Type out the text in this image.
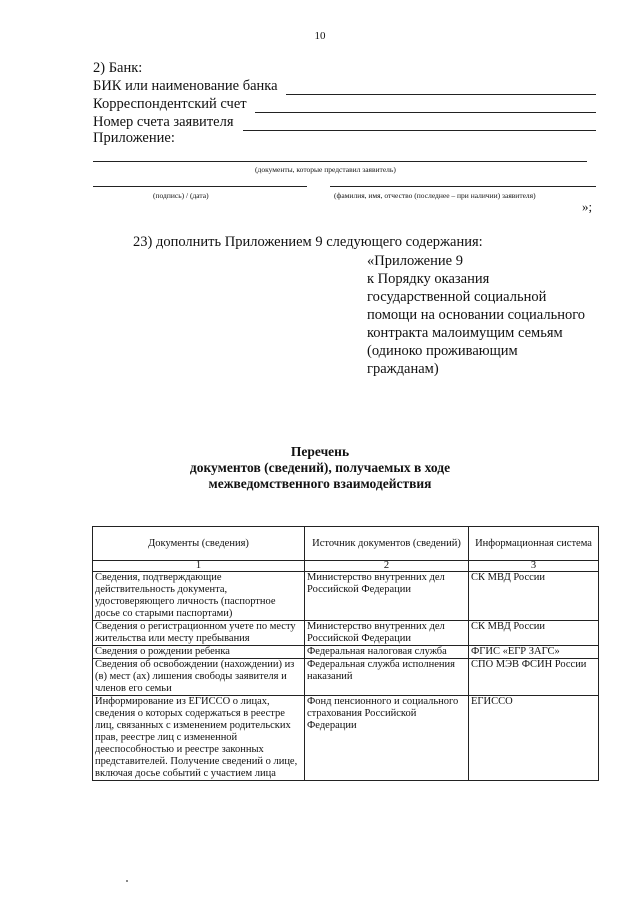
10
2) Банк:
БИК или наименование банка
Корреспондентский счет
Номер счета заявителя
Приложение:
(документы, которые представил заявитель)
(подпись) / (дата)	(фамилия, имя, отчество (последнее – при наличии) заявителя)
»;
23) дополнить Приложением 9 следующего содержания:
«Приложение 9
к Порядку оказания
государственной социальной
помощи на основании социального
контракта малоимущим семьям
(одиноко проживающим
гражданам)
Перечень
документов (сведений), получаемых в ходе
межведомственного взаимодействия
Документы (сведения)	Источник документов (сведений)	Информационная система
1	2	3
Сведения, подтверждающие действительность документа, удостоверяющего личность (паспортное досье со старыми паспортами)	Министерство внутренних дел Российской Федерации	СК МВД России
Сведения о регистрационном учете по месту жительства или месту пребывания	Министерство внутренних дел Российской Федерации	СК МВД России
Сведения о рождении ребенка	Федеральная налоговая служба	ФГИС «ЕГР ЗАГС»
Сведения об освобождении (нахождении) из (в) мест (ах) лишения свободы заявителя и членов его семьи	Федеральная служба исполнения наказаний	СПО МЭВ ФСИН России
Информирование из ЕГИССО о лицах, сведения о которых содержаться в реестре лиц, связанных с изменением родительских прав, реестре лиц с измененной дееспособностью и реестре законных представителей. Получение сведений о лице, включая досье событий с участием лица	Фонд пенсионного и социального страхования Российской Федерации	ЕГИССО
